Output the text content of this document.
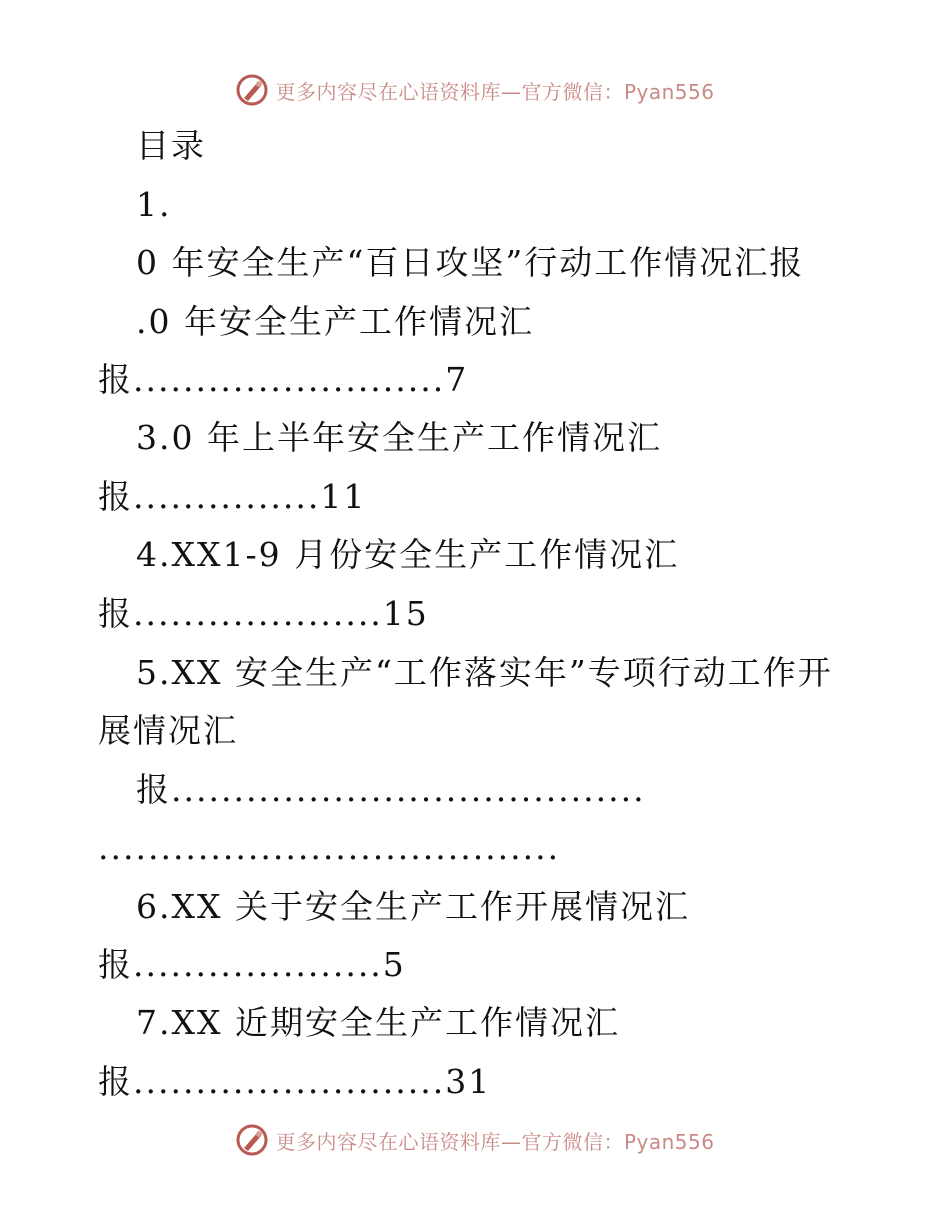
更多内容尽在心语资料库—官方微信：Pyan556
目录
1.
0 年安全生产“百日攻坚”行动工作情况汇报
.0 年安全生产工作情况汇
报.........................7
3.0 年上半年安全生产工作情况汇
报...............11
4.XX1-9 月份安全生产工作情况汇
报....................15
5.XX 安全生产“工作落实年”专项行动工作开
展情况汇
报......................................
.....................................
6.XX 关于安全生产工作开展情况汇
报....................5
7.XX 近期安全生产工作情况汇
报.........................31
更多内容尽在心语资料库—官方微信：Pyan556
